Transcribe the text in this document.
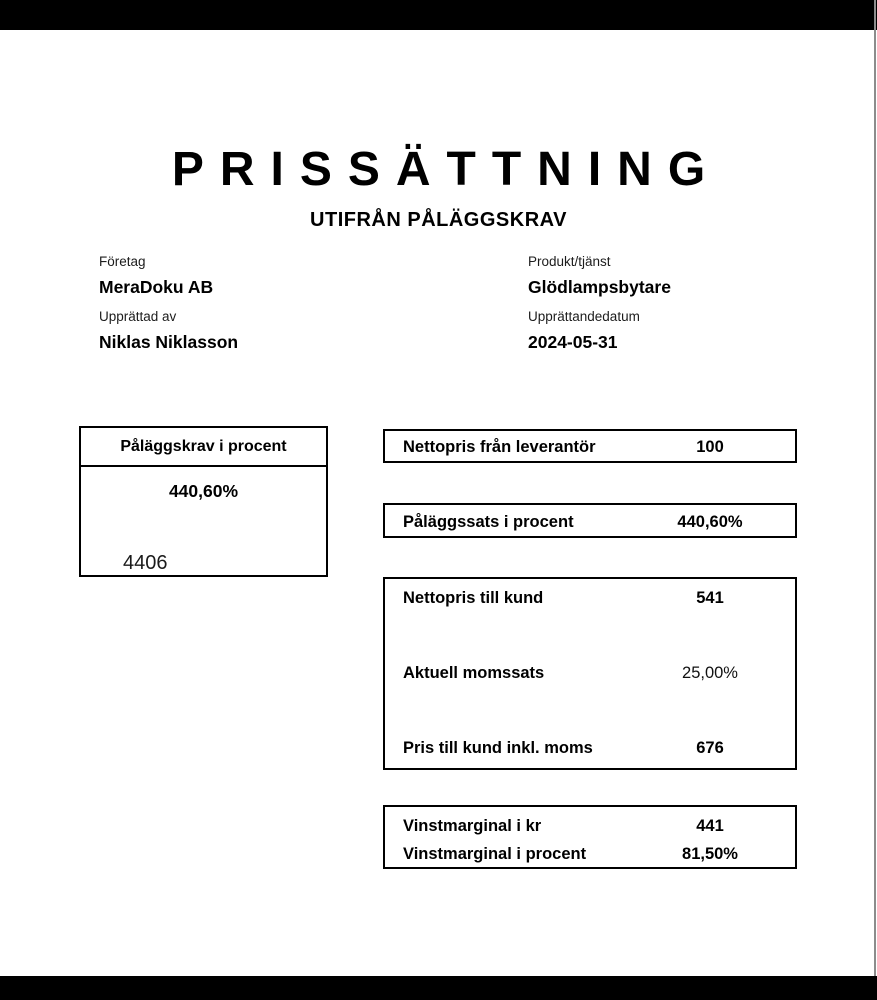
PRISSÄTTNING
UTIFRÅN PÅLÄGGSKRAV
Företag
MeraDoku AB
Upprättad av
Niklas Niklasson
Produkt/tjänst
Glödlampsbytare
Upprättandedatum
2024-05-31
Påläggskrav i procent
440,60%
4406
Nettopris från leverantör	100
Påläggssats i procent	440,60%
Nettopris till kund	541
Aktuell momssats	25,00%
Pris till kund inkl. moms	676
Vinstmarginal i kr	441
Vinstmarginal i procent	81,50%
